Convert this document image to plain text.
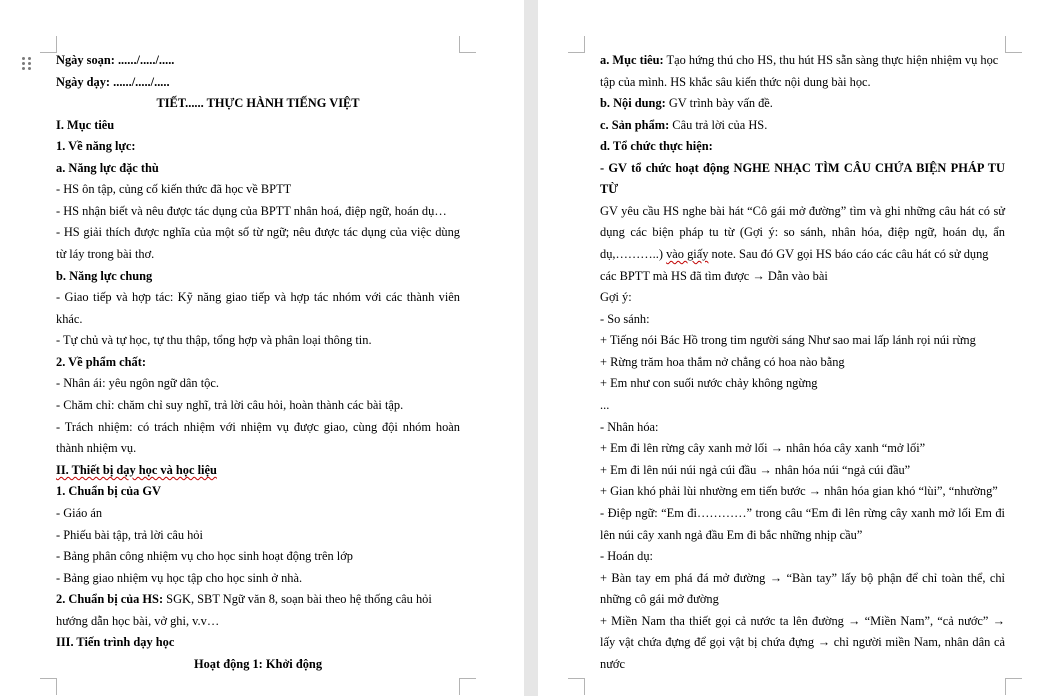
Ngày soạn: ....../...../.....
Ngày dạy: ....../...../.....
TIẾT...... THỰC HÀNH TIẾNG VIỆT
I. Mục tiêu
1. Về năng lực:
a. Năng lực đặc thù
- HS ôn tập, củng cố kiến thức đã học về BPTT
- HS nhận biết và nêu được tác dụng của BPTT nhân hoá, điệp ngữ, hoán dụ…
- HS giải thích được nghĩa của một số từ ngữ; nêu được tác dụng của việc dùng
từ láy trong bài thơ.
b. Năng lực chung
- Giao tiếp và hợp tác: Kỹ năng giao tiếp và hợp tác nhóm với các thành viên
khác.
- Tự chủ và tự học, tự thu thập, tổng hợp và phân loại thông tin.
2. Về phẩm chất:
- Nhân ái: yêu ngôn ngữ dân tộc.
- Chăm chỉ: chăm chỉ suy nghĩ, trả lời câu hỏi, hoàn thành các bài tập.
- Trách nhiệm: có trách nhiệm với nhiệm vụ được giao, cùng đội nhóm hoàn
thành nhiệm vụ.
II. Thiết bị dạy học và học liệu
1. Chuẩn bị của GV
- Giáo án
- Phiếu bài tập, trả lời câu hỏi
- Bảng phân công nhiệm vụ cho học sinh hoạt động trên lớp
- Bảng giao nhiệm vụ học tập cho học sinh ở nhà.
2. Chuẩn bị của HS: SGK, SBT Ngữ văn 8, soạn bài theo hệ thống câu hỏi
hướng dẫn học bài, vở ghi, v.v…
III. Tiến trình dạy học
Hoạt động 1: Khởi động
a. Mục tiêu: Tạo hứng thú cho HS, thu hút HS sẵn sàng thực hiện nhiệm vụ học
tập của mình. HS khắc sâu kiến thức nội dung bài học.
b. Nội dung: GV trình bày vấn đề.
c. Sản phẩm: Câu trả lời của HS.
d. Tổ chức thực hiện:
- GV tổ chức hoạt động NGHE NHẠC TÌM CÂU CHỨA BIỆN PHÁP TU
TỪ
GV yêu cầu HS nghe bài hát “Cô gái mở đường” tìm và ghi những câu hát có sử
dụng các biện pháp tu từ (Gợi ý: so sánh, nhân hóa, điệp ngữ, hoán dụ, ẩn
dụ,………..) vào giấy note. Sau đó GV gọi HS báo cáo các câu hát có sử dụng
các BPTT mà HS đã tìm được → Dẫn vào bài
Gợi ý:
- So sánh:
+ Tiếng nói Bác Hồ trong tim người sáng Như sao mai lấp lánh rọi núi rừng
+ Rừng trăm hoa thắm nở chẳng có hoa nào bằng
+ Em như con suối nước chảy không ngừng
...
- Nhân hóa:
+ Em đi lên rừng cây xanh mở lối → nhân hóa cây xanh “mở lối”
+ Em đi lên núi núi ngả cúi đầu → nhân hóa núi “ngả cúi đầu”
+ Gian khó phải lùi nhường em tiến bước → nhân hóa gian khó “lùi”, “nhường”
- Điệp ngữ: “Em đi…………” trong câu “Em đi lên rừng cây xanh mở lối Em đi
lên núi cây xanh ngả đầu Em đi bắc những nhịp cầu”
- Hoán dụ:
+ Bàn tay em phá đá mở đường → “Bàn tay” lấy bộ phận để chỉ toàn thể, chỉ
những cô gái mở đường
+ Miền Nam tha thiết gọi cả nước ta lên đường → “Miền Nam”, “cả nước” →
lấy vật chứa đựng để gọi vật bị chứa đựng → chỉ người miền Nam, nhân dân cả
nước
